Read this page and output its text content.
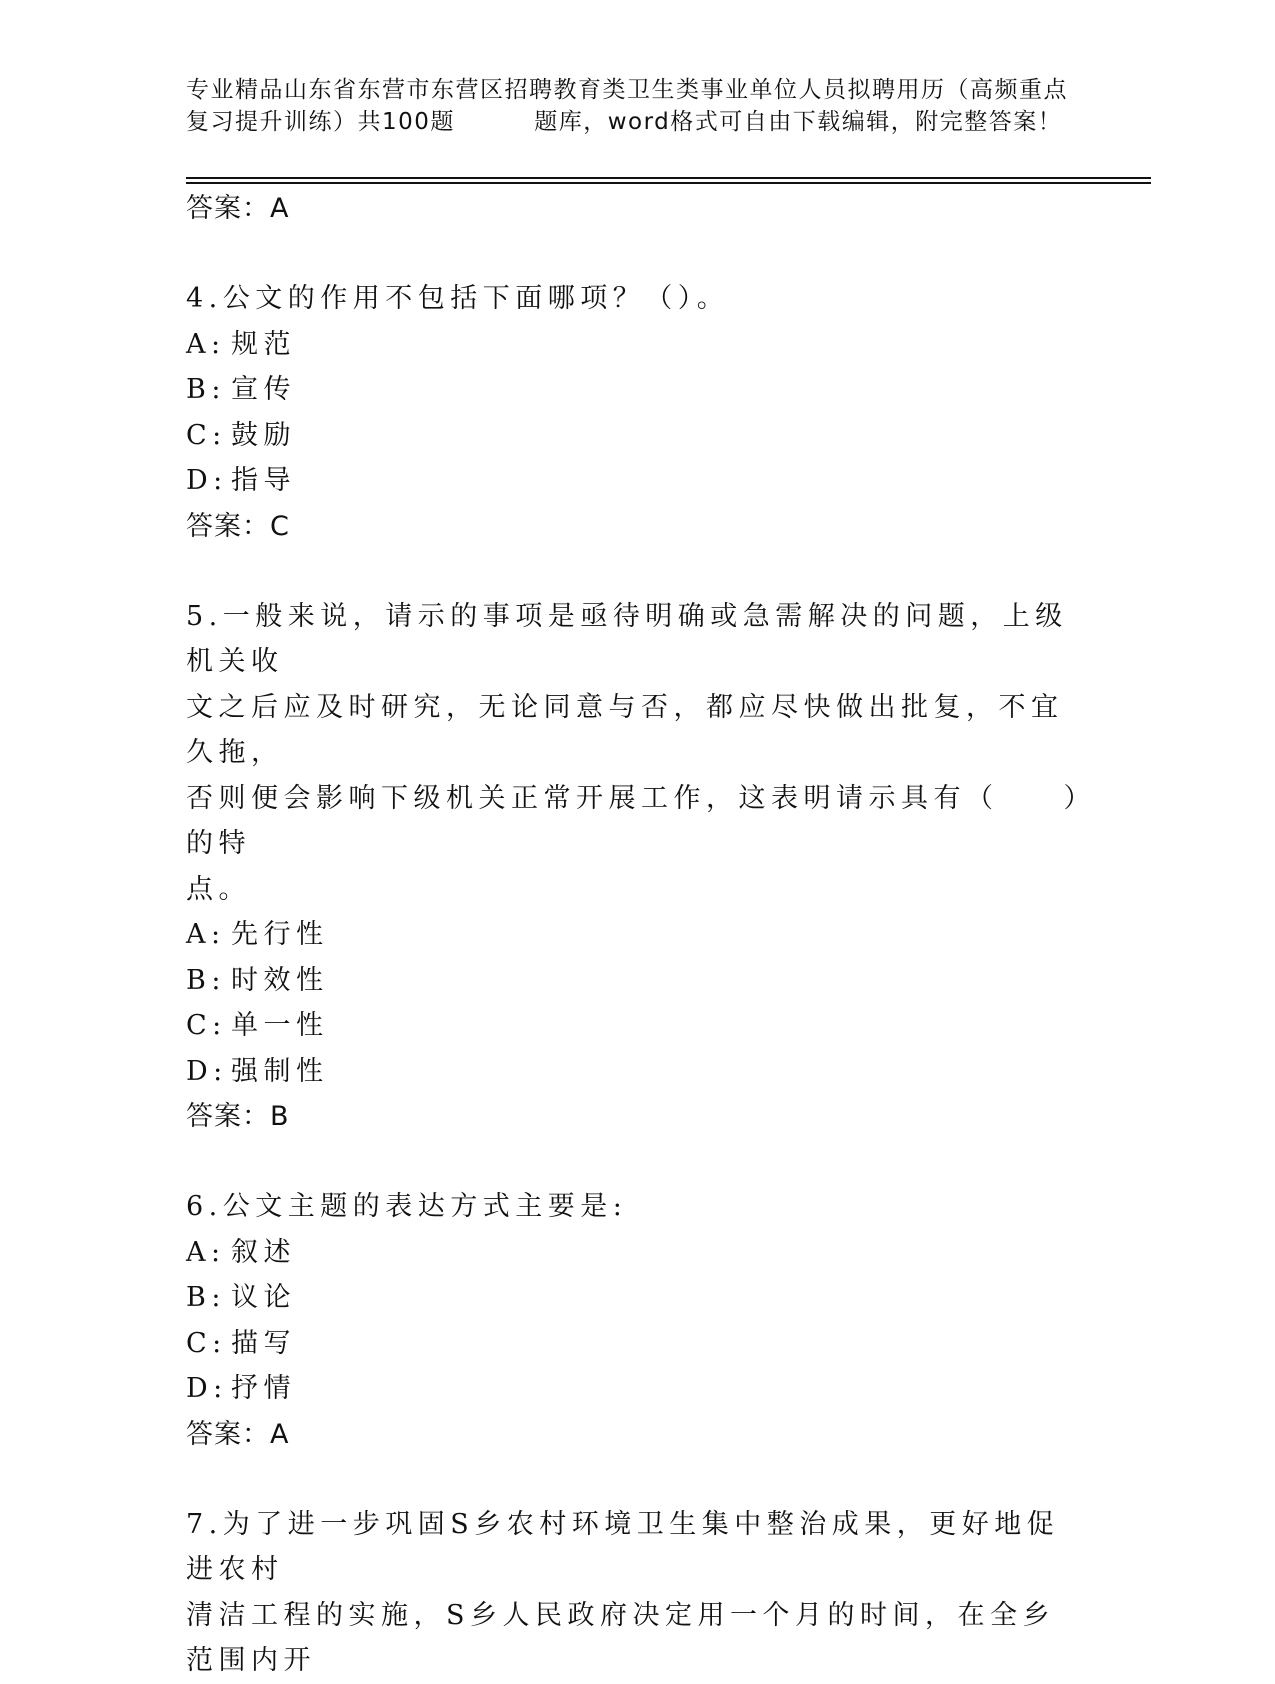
专业精品山东省东营市东营区招聘教育类卫生类事业单位人员拟聘用历（高频重点
复习提升训练）共100题         题库，word格式可自由下载编辑，附完整答案！
答案：A
4.公文的作用不包括下面哪项？（）。
A: 规范
B: 宣传
C: 鼓励
D: 指导
答案：C
5.一般来说，请示的事项是亟待明确或急需解决的问题，上级机关收
文之后应及时研究，无论同意与否，都应尽快做出批复，不宜久拖，
否则便会影响下级机关正常开展工作，这表明请示具有（　　）的特
点。
A: 先行性
B: 时效性
C: 单一性
D: 强制性
答案：B
6.公文主题的表达方式主要是:
A: 叙述
B: 议论
C: 描写
D: 抒情
答案：A
7.为了进一步巩固S乡农村环境卫生集中整治成果，更好地促进农村
清洁工程的实施，S乡人民政府决定用一个月的时间，在全乡范围内开
